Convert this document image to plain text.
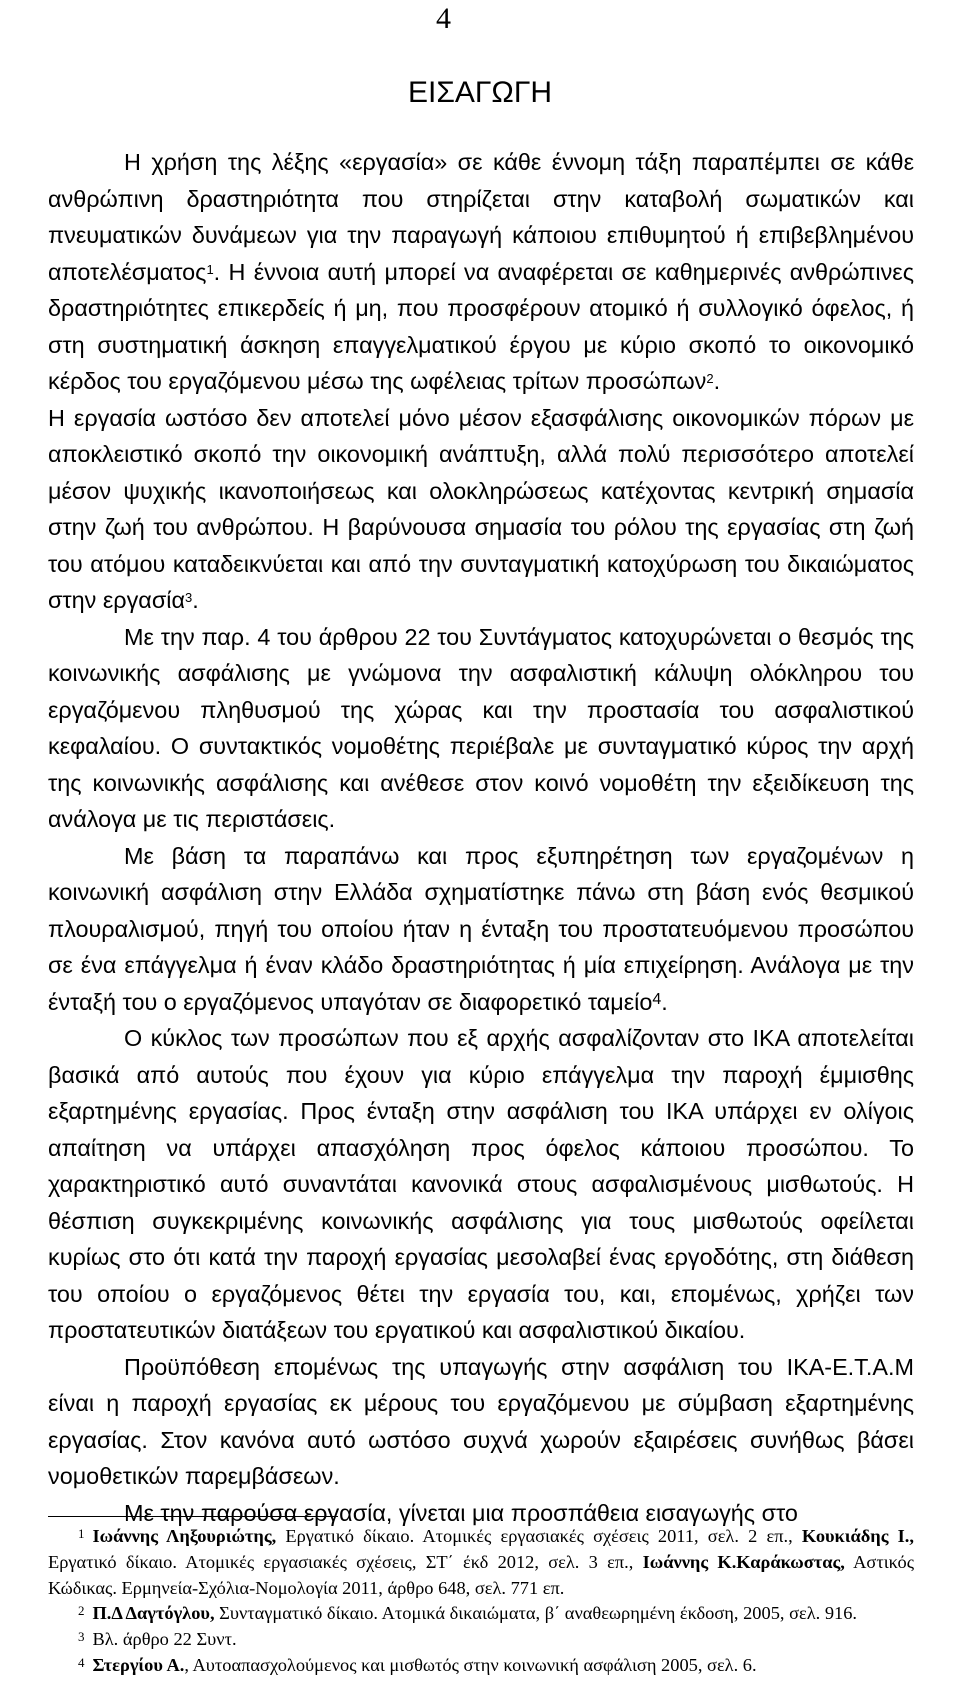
4
ΕΙΣΑΓΩΓΗ

Η χρήση της λέξης «εργασία» σε κάθε έννομη τάξη παραπέμπει σε κάθε ανθρώπινη δραστηριότητα που στηρίζεται στην καταβολή σωματικών και πνευματικών δυνάμεων για την παραγωγή κάποιου επιθυμητού ή επιβεβλημένου αποτελέσματος$^1$. Η έννοια αυτή μπορεί να αναφέρεται σε καθημερινές ανθρώπινες δραστηριότητες επικερδείς ή μη, που προσφέρουν ατομικό ή συλλογικό όφελος, ή στη συστηματική άσκηση επαγγελματικού έργου με κύριο σκοπό το οικονομικό κέρδος του εργαζόμενου μέσω της ωφέλειας τρίτων προσώπων$^2$.

Η εργασία ωστόσο δεν αποτελεί μόνο μέσον εξασφάλισης οικονομικών πόρων με αποκλειστικό σκοπό την οικονομική ανάπτυξη, αλλά πολύ περισσότερο αποτελεί μέσον ψυχικής ικανοποιήσεως και ολοκληρώσεως κατέχοντας κεντρική σημασία στην ζωή του ανθρώπου. Η βαρύνουσα σημασία του ρόλου της εργασίας στη ζωή του ατόμου καταδεικνύεται και από την συνταγματική κατοχύρωση του δικαιώματος στην εργασία$^3$.

Με την παρ. 4 του άρθρου 22 του Συντάγματος κατοχυρώνεται ο θεσμός της κοινωνικής ασφάλισης με γνώμονα την ασφαλιστική κάλυψη ολόκληρου του εργαζόμενου πληθυσμού της χώρας και την προστασία του ασφαλιστικού κεφαλαίου. Ο συντακτικός νομοθέτης περιέβαλε με συνταγματικό κύρος την αρχή της κοινωνικής ασφάλισης και ανέθεσε στον κοινό νομοθέτη την εξειδίκευση της ανάλογα με τις περιστάσεις.

Με βάση τα παραπάνω και προς εξυπηρέτηση των εργαζομένων η κοινωνική ασφάλιση στην Ελλάδα σχηματίστηκε πάνω στη βάση ενός θεσμικού πλουραλισμού, πηγή του οποίου ήταν η ένταξη του προστατευόμενου προσώπου σε ένα επάγγελμα ή έναν κλάδο δραστηριότητας ή μία επιχείρηση. Ανάλογα με την ένταξή του ο εργαζόμενος υπαγόταν σε διαφορετικό ταμείο$^4$.

Ο κύκλος των προσώπων που εξ αρχής ασφαλίζονταν στο ΙΚΑ αποτελείται βασικά από αυτούς που έχουν για κύριο επάγγελμα την παροχή έμμισθης εξαρτημένης εργασίας. Προς ένταξη στην ασφάλιση του ΙΚΑ υπάρχει εν ολίγοις απαίτηση να υπάρχει απασχόληση προς όφελος κάποιου προσώπου. Το χαρακτηριστικό αυτό συναντάται κανονικά στους ασφαλισμένους μισθωτούς. Η θέσπιση συγκεκριμένης κοινωνικής ασφάλισης για τους μισθωτούς οφείλεται κυρίως στο ότι κατά την παροχή εργασίας μεσολαβεί ένας εργοδότης, στη διάθεση του οποίου ο εργαζόμενος θέτει την εργασία του, και, επομένως, χρήζει των προστατευτικών διατάξεων του εργατικού και ασφαλιστικού δικαίου.

Προϋπόθεση επομένως της υπαγωγής στην ασφάλιση του ΙΚΑ-Ε.Τ.Α.Μ είναι η παροχή εργασίας εκ μέρους του εργαζόμενου με σύμβαση εξαρτημένης εργασίας. Στον κανόνα αυτό ωστόσο συχνά χωρούν εξαιρέσεις συνήθως βάσει νομοθετικών παρεμβάσεων.

Με την παρούσα εργασία, γίνεται μια προσπάθεια εισαγωγής στο

$^1$ Ιωάννης Ληξουριώτης, Εργατικό δίκαιο. Ατομικές εργασιακές σχέσεις 2011, σελ. 2 επ., Κουκιάδης Ι., Εργατικό δίκαιο. Ατομικές εργασιακές σχέσεις, ΣΤ΄ έκδ 2012, σελ. 3 επ., Ιωάννης Κ.Καράκωστας, Αστικός Κώδικας. Ερμηνεία-Σχόλια-Νομολογία 2011, άρθρο 648, σελ. 771 επ.

$^2$ Π.Δ Δαγτόγλου, Συνταγματικό δίκαιο. Ατομικά δικαιώματα, β΄ αναθεωρημένη έκδοση, 2005, σελ. 916.

$^3$ Βλ. άρθρο 22 Συντ.

$^4$ Στεργίου Α., Αυτοαπασχολούμενος και μισθωτός στην κοινωνική ασφάλιση 2005, σελ. 6.
